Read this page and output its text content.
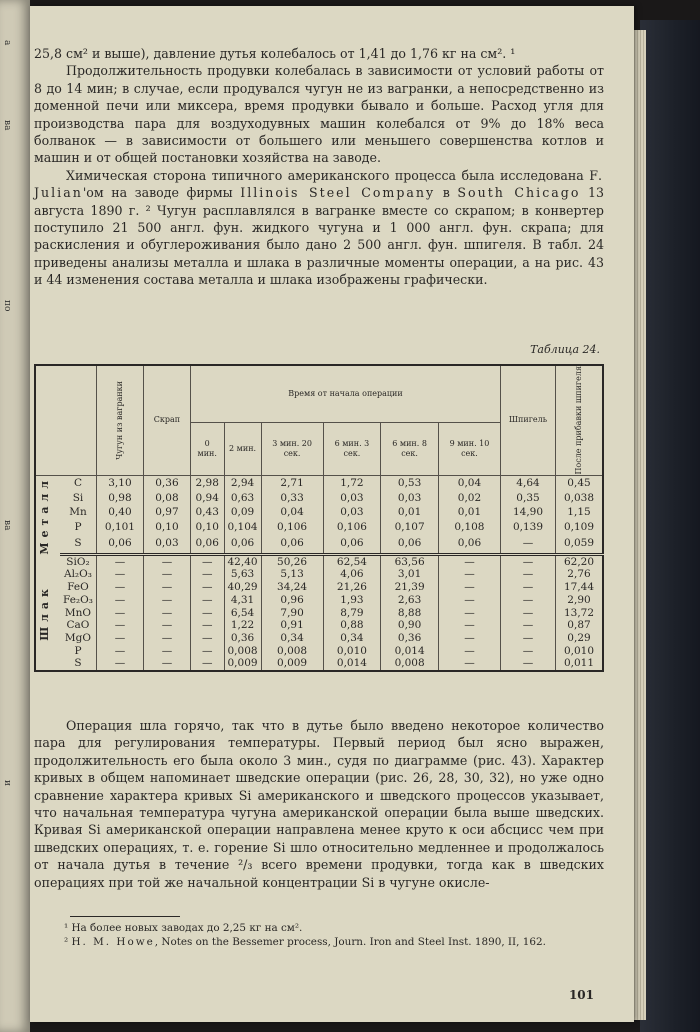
a
ва
по
ва
и

25,8 см² и выше), давление дутья колебалось от 1,41 до 1,76 кг на см². ¹

Продолжительность продувки колебалась в зависимости от условий работы от 8 до 14 мин; в случае, если продувался чугун не из вагранки, а непосредственно из доменной печи или миксера, время продувки бывало и больше. Расход угля для производства пара для воздуходувных машин колебался от 9% до 18% веса болванок — в зависимости от большего или меньшего совершенства котлов и машин и от общей постановки хозяйства на заводе.

Химическая сторона типичного американского процесса была исследована F. Julian'ом на заводе фирмы Illinois Steel Company в South Chicago 13 августа 1890 г. ² Чугун расплавлялся в вагранке вместе со скрапом; в конвертер поступило 21 500 англ. фун. жидкого чугуна и 1 000 англ. фун. скрапа; для раскисления и обуглероживания было дано 2 500 англ. фун. шпигеля. В табл. 24 приведены анализы металла и шлака в различные моменты операции, а на рис. 43 и 44 изменения состава металла и шлака изображены графически.

Таблица 24.

		Чугун из вагранки	Скрап	Время от начала операции						Шпигель	После прибавки шпигеля

				0 мин.	2 мин.	3 мин. 20 сек.	6 мин. 3 сек.	6 мин. 8 сек.	9 мин. 10 сек.		

Металл	C	3,10	0,36	2,98	2,94	2,71	1,72	0,53	0,04	4,64	0,45
	Si	0,98	0,08	0,94	0,63	0,33	0,03	0,03	0,02	0,35	0,038
	Mn	0,40	0,97	0,43	0,09	0,04	0,03	0,01	0,01	14,90	1,15
	P	0,101	0,10	0,10	0,104	0,106	0,106	0,107	0,108	0,139	0,109
	S	0,06	0,03	0,06	0,06	0,06	0,06	0,06	0,06	—	0,059

Шлак	SiO₂	—	—	—	42,40	50,26	62,54	63,56	—	—	62,20
	Al₂O₃	—	—	—	5,63	5,13	4,06	3,01	—	—	2,76
	FeO	—	—	—	40,29	34,24	21,26	21,39	—	—	17,44
	Fe₂O₃	—	—	—	4,31	0,96	1,93	2,63	—	—	2,90
	MnO	—	—	—	6,54	7,90	8,79	8,88	—	—	13,72
	CaO	—	—	—	1,22	0,91	0,88	0,90	—	—	0,87
	MgO	—	—	—	0,36	0,34	0,34	0,36	—	—	0,29
	P	—	—	—	0,008	0,008	0,010	0,014	—	—	0,010
	S	—	—	—	0,009	0,009	0,014	0,008	—	—	0,011

Операция шла горячо, так что в дутье было введено некоторое количество пара для регулирования температуры. Первый период был ясно выражен, продолжительность его была около 3 мин., судя по диаграмме (рис. 43). Характер кривых в общем напоминает шведские операции (рис. 26, 28, 30, 32), но уже одно сравнение характера кривых Si американского и шведского процессов указывает, что начальная температура чугуна американской операции была выше шведских. Кривая Si американской операции направлена менее круто к оси абсцисс чем при шведских операциях, т. е. горение Si шло относительно медленнее и продолжалось от начала дутья в течение ²/₃ всего времени продувки, тогда как в шведских операциях при той же начальной концентрации Si в чугуне окисле-

¹ На более новых заводах до 2,25 кг на см².
² Н. М. Howe, Notes on the Bessemer process, Journ. Iron and Steel Inst. 1890, II, 162.
101
